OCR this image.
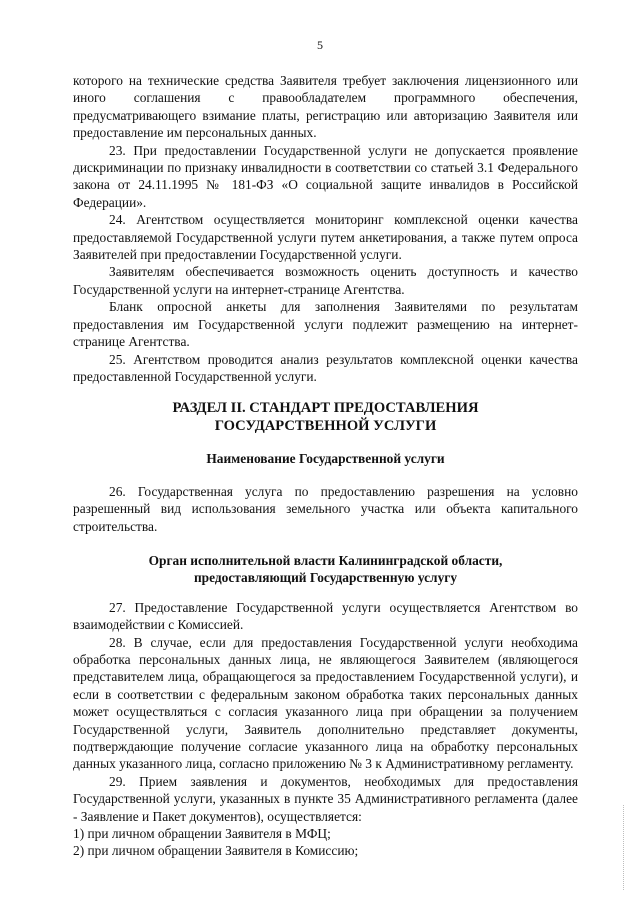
5

которого на технические средства Заявителя требует заключения лицензионного или иного соглашения с правообладателем программного обеспечения, предусматривающего взимание платы, регистрацию или авторизацию Заявителя или предоставление им персональных данных.

23. При предоставлении Государственной услуги не допускается проявление дискриминации по признаку инвалидности в соответствии со статьей 3.1 Федерального закона от 24.11.1995 № 181-ФЗ «О социальной защите инвалидов в Российской Федерации».

24. Агентством осуществляется мониторинг комплексной оценки качества предоставляемой Государственной услуги путем анкетирования, а также путем опроса Заявителей при предоставлении Государственной услуги.

Заявителям обеспечивается возможность оценить доступность и качество Государственной услуги на интернет-странице Агентства.

Бланк опросной анкеты для заполнения Заявителями по результатам предоставления им Государственной услуги подлежит размещению на интернет-странице Агентства.

25. Агентством проводится анализ результатов комплексной оценки качества предоставленной Государственной услуги.

РАЗДЕЛ II. СТАНДАРТ ПРЕДОСТАВЛЕНИЯ
ГОСУДАРСТВЕННОЙ УСЛУГИ
Наименование Государственной услуги

26. Государственная услуга по предоставлению разрешения на условно разрешенный вид использования земельного участка или объекта капитального строительства.

Орган исполнительной власти Калининградской области,
предоставляющий Государственную услугу

27. Предоставление Государственной услуги осуществляется Агентством во взаимодействии с Комиссией.

28. В случае, если для предоставления Государственной услуги необходима обработка персональных данных лица, не являющегося Заявителем (являющегося представителем лица, обращающегося за предоставлением Государственной услуги), и если в соответствии с федеральным законом обработка таких персональных данных может осуществляться с согласия указанного лица при обращении за получением Государственной услуги, Заявитель дополнительно представляет документы, подтверждающие получение согласие указанного лица на обработку персональных данных указанного лица, согласно приложению № 3 к Административному регламенту.

29. Прием заявления и документов, необходимых для предоставления Государственной услуги, указанных в пункте 35 Административного регламента (далее - Заявление и Пакет документов), осуществляется:

1) при личном обращении Заявителя в МФЦ;

2) при личном обращении Заявителя в Комиссию;
